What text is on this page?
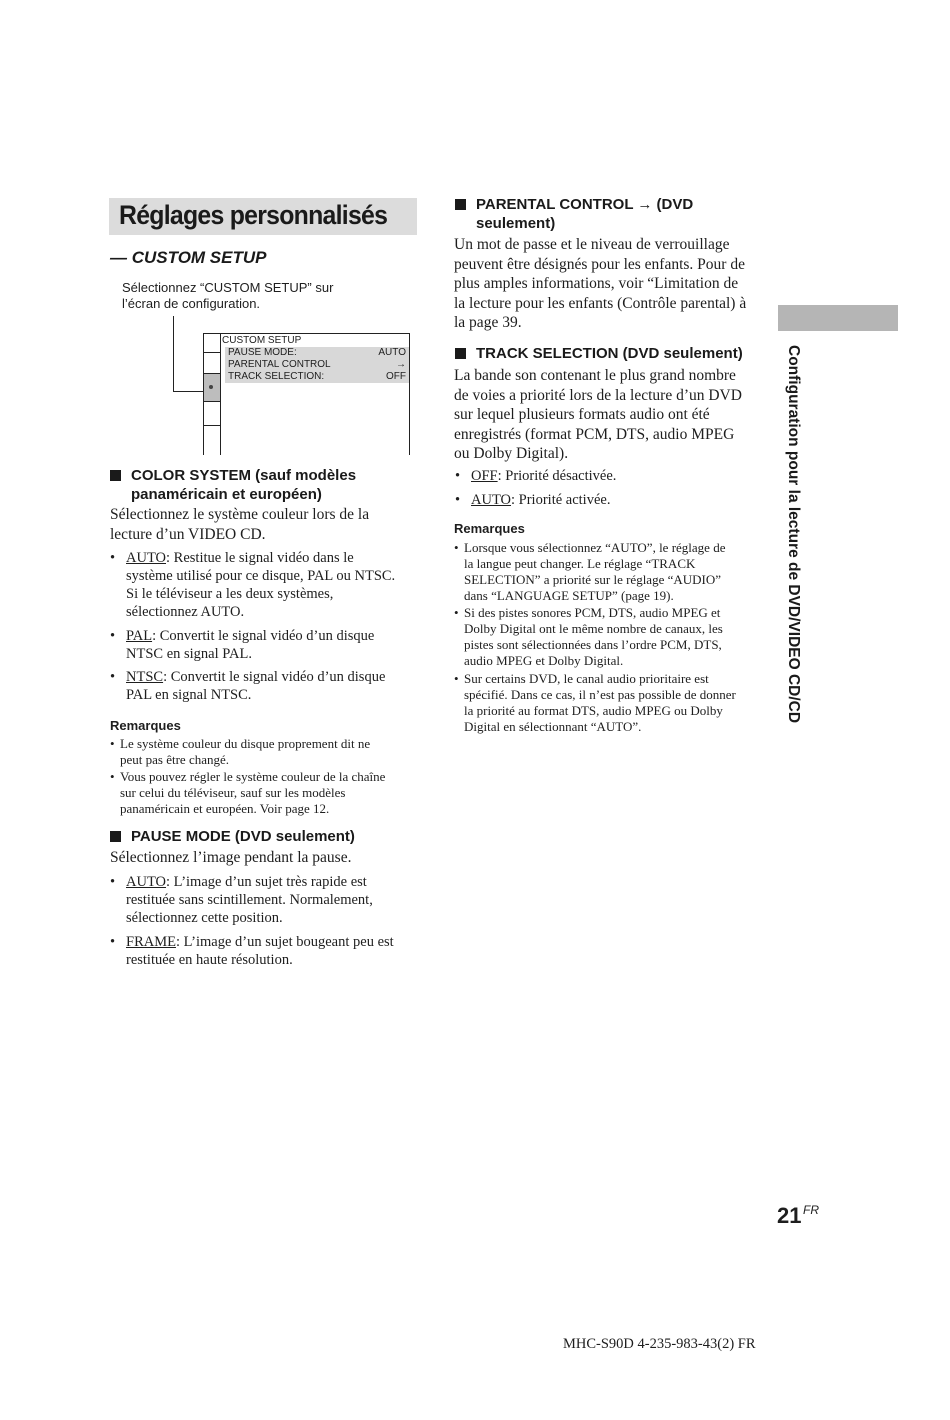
Réglages personnalisés
— CUSTOM SETUP
Sélectionnez “CUSTOM SETUP” sur
l’écran de configuration.
CUSTOM SETUP
PAUSE MODE:	AUTO
PARENTAL CONTROL	→
TRACK SELECTION:	OFF
COLOR SYSTEM (sauf modèles
panaméricain et européen)
Sélectionnez le système couleur lors de la
lecture d’un VIDEO CD.
• AUTO: Restitue le signal vidéo dans le
système utilisé pour ce disque, PAL ou NTSC.
Si le téléviseur a les deux systèmes,
sélectionnez AUTO.
• PAL: Convertit le signal vidéo d’un disque
NTSC en signal PAL.
• NTSC: Convertit le signal vidéo d’un disque
PAL en signal NTSC.
Remarques
• Le système couleur du disque proprement dit ne
peut pas être changé.
• Vous pouvez régler le système couleur de la chaîne
sur celui du téléviseur, sauf sur les modèles
panaméricain et européen. Voir page 12.
PAUSE MODE (DVD seulement)
Sélectionnez l’image pendant la pause.
• AUTO: L’image d’un sujet très rapide est
restituée sans scintillement. Normalement,
sélectionnez cette position.
• FRAME: L’image d’un sujet bougeant peu est
restituée en haute résolution.
PARENTAL CONTROL → (DVD
seulement)
Un mot de passe et le niveau de verrouillage
peuvent être désignés pour les enfants. Pour de
plus amples informations, voir “Limitation de
la lecture pour les enfants (Contrôle parental) à
la page 39.
TRACK SELECTION (DVD seulement)
La bande son contenant le plus grand nombre
de voies a priorité lors de la lecture d’un DVD
sur lequel plusieurs formats audio ont été
enregistrés (format PCM, DTS, audio MPEG
ou Dolby Digital).
• OFF: Priorité désactivée.
• AUTO: Priorité activée.
Remarques
• Lorsque vous sélectionnez “AUTO”, le réglage de
la langue peut changer. Le réglage “TRACK
SELECTION” a priorité sur le réglage “AUDIO”
dans “LANGUAGE SETUP” (page 19).
• Si des pistes sonores PCM, DTS, audio MPEG et
Dolby Digital ont le même nombre de canaux, les
pistes sont sélectionnées dans l’ordre PCM, DTS,
audio MPEG et Dolby Digital.
• Sur certains DVD, le canal audio prioritaire est
spécifié. Dans ce cas, il n’est pas possible de donner
la priorité au format DTS, audio MPEG ou Dolby
Digital en sélectionnant “AUTO”.
Configuration pour la lecture de DVD/VIDEO CD/CD
21 FR
MHC-S90D 4-235-983-43(2) FR
